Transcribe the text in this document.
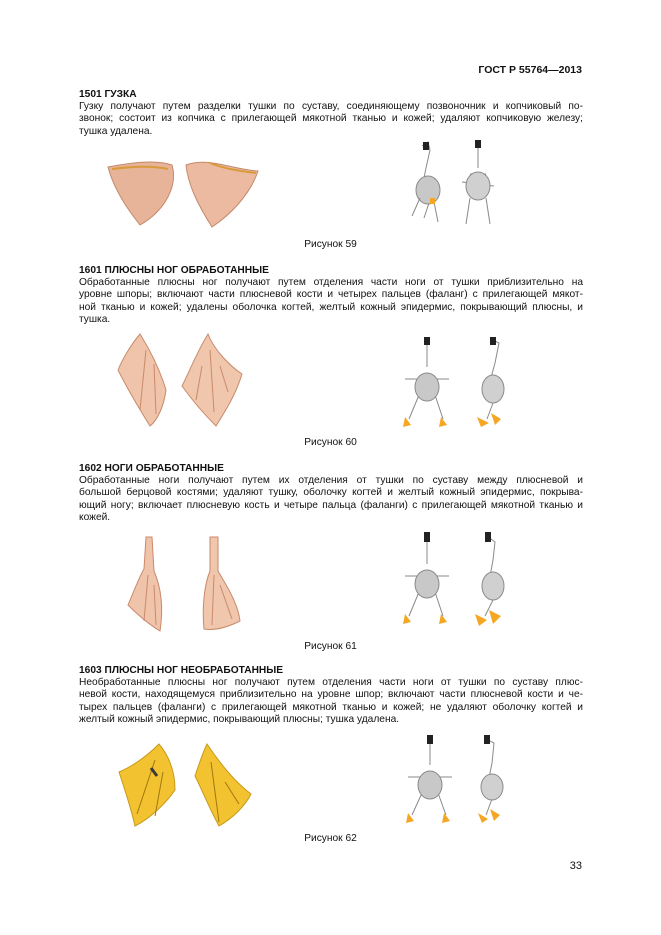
ГОСТ Р 55764—2013
1501 ГУЗКА
Гузку получают путем разделки тушки по суставу, соединяющему позвоночник и копчиковый по-
звонок; состоит из копчика с прилегающей мякотной тканью и кожей; удаляют копчиковую железу;
тушка удалена.
Рисунок 59
1601 ПЛЮСНЫ НОГ ОБРАБОТАННЫЕ
Обработанные плюсны ног получают путем отделения части ноги от тушки приблизительно на
уровне шпоры; включают части плюсневой кости и четырех пальцев (фаланг) с прилегающей мякот-
ной тканью и кожей; удалены оболочка когтей, желтый кожный эпидермис, покрывающий плюсны, и
тушка.
Рисунок 60
1602 НОГИ ОБРАБОТАННЫЕ
Обработанные ноги получают путем их отделения от тушки по суставу между плюсневой и
большой берцовой костями; удаляют тушку, оболочку когтей и желтый кожный эпидермис, покрыва-
ющий ногу; включает плюсневую кость и четыре пальца (фаланги) с прилегающей мякотной тканью и
кожей.
Рисунок 61
1603 ПЛЮСНЫ НОГ НЕОБРАБОТАННЫЕ
Необработанные плюсны ног получают путем отделения части ноги от тушки по суставу плюс-
невой кости, находящемуся приблизительно на уровне шпор; включают части плюсневой кости и че-
тырех пальцев (фаланги) с прилегающей мякотной тканью и кожей; не удаляют оболочку когтей и
желтый кожный эпидермис, покрывающий плюсны; тушка удалена.
Рисунок 62
33
